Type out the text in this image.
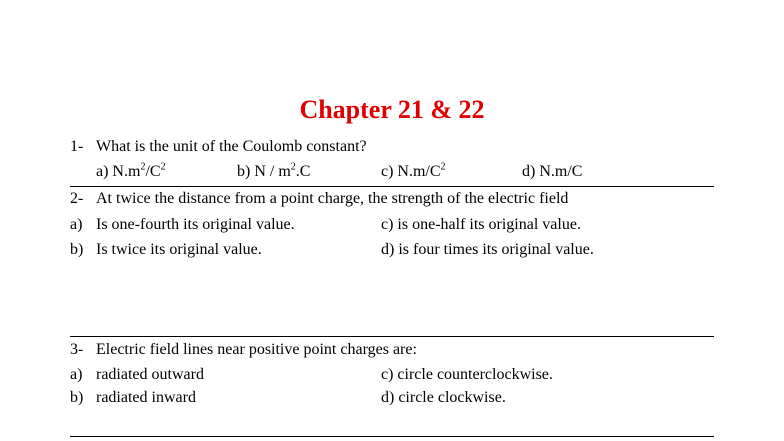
Chapter 21 & 22
1- What is the unit of the Coulomb constant?
a) $N.m^2/C^2$	b) N / $m^2.C$	c) $N.m/C^2$	d) N.m/C
2- At twice the distance from a point charge, the strength of the electric field
a) Is one-fourth its original value.
b) Is twice its original value.
c) is one-half its original value.
d) is four times its original value.
3- Electric field lines near positive point charges are:
a) radiated outward
b) radiated inward
c) circle counterclockwise.
d) circle clockwise.
